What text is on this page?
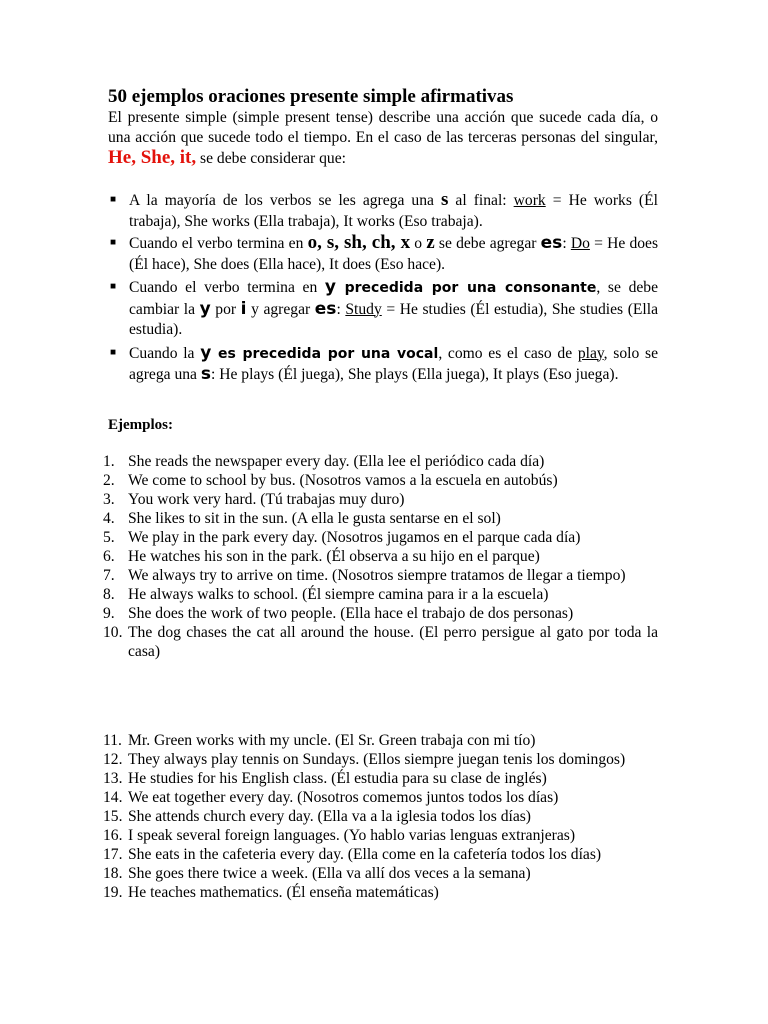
50 ejemplos oraciones presente simple afirmativas

El presente simple (simple present tense) describe una acción que sucede cada día, o una acción que sucede todo el tiempo. En el caso de las terceras personas del singular, He, She, it, se debe considerar que:

■ A la mayoría de los verbos se les agrega una s al final: work = He works (Él trabaja), She works (Ella trabaja), It works (Eso trabaja).
■ Cuando el verbo termina en o, s, sh, ch, x o z se debe agregar es: Do = He does (Él hace), She does (Ella hace), It does (Eso hace).
■ Cuando el verbo termina en y precedida por una consonante, se debe cambiar la y por i y agregar es: Study = He studies (Él estudia), She studies (Ella estudia).
■ Cuando la y es precedida por una vocal, como es el caso de play, solo se agrega una s: He plays (Él juega), She plays (Ella juega), It plays (Eso juega).

Ejemplos:

1. She reads the newspaper every day. (Ella lee el periódico cada día)
2. We come to school by bus. (Nosotros vamos a la escuela en autobús)
3. You work very hard. (Tú trabajas muy duro)
4. She likes to sit in the sun. (A ella le gusta sentarse en el sol)
5. We play in the park every day. (Nosotros jugamos en el parque cada día)
6. He watches his son in the park. (Él observa a su hijo en el parque)
7. We always try to arrive on time. (Nosotros siempre tratamos de llegar a tiempo)
8. He always walks to school. (Él siempre camina para ir a la escuela)
9. She does the work of two people. (Ella hace el trabajo de dos personas)
10. The dog chases the cat all around the house. (El perro persigue al gato por toda la casa)
11. Mr. Green works with my uncle. (El Sr. Green trabaja con mi tío)
12. They always play tennis on Sundays. (Ellos siempre juegan tenis los domingos)
13. He studies for his English class. (Él estudia para su clase de inglés)
14. We eat together every day. (Nosotros comemos juntos todos los días)
15. She attends church every day. (Ella va a la iglesia todos los días)
16. I speak several foreign languages. (Yo hablo varias lenguas extranjeras)
17. She eats in the cafeteria every day. (Ella come en la cafetería todos los días)
18. She goes there twice a week. (Ella va allí dos veces a la semana)
19. He teaches mathematics. (Él enseña matemáticas)
